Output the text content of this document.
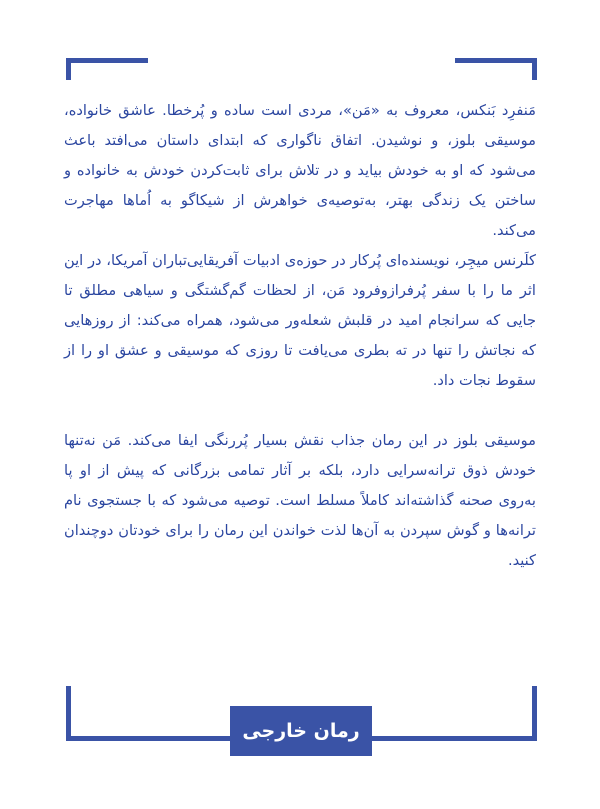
مَنفرِد بَنکس، معروف به «مَن»، مردی است ساده و پُرخطا. عاشق خانواده، موسیقی بلوز، و نوشیدن. اتفاق ناگواری که ابتدای داستان می‌افتد باعث می‌شود که او به خودش بیاید و در تلاش برای ثابت‌کردن خودش به خانواده و ساختن یک زندگی بهتر، به‌توصیه‌ی خواهرش از شیکاگو به اُماها مهاجرت می‌کند.

کلَرنس میجِر، نویسنده‌ای پُرکار در حوزه‌ی ادبیات آفریقایی‌تباران آمریکا، در این اثر ما را با سفر پُرفرازوفرود مَن، از لحظات گم‌گشتگی و سیاهی مطلق تا جایی که سرانجام امید در قلبش شعله‌ور می‌شود، همراه می‌کند: از روزهایی که نجاتش را تنها در ته بطری می‌یافت تا روزی که موسیقی و عشق او را از سقوط نجات داد.

موسیقی بلوز در این رمان جذاب نقش بسیار پُررنگی ایفا می‌کند. مَن نه‌تنها خودش ذوق ترانه‌سرایی دارد، بلکه بر آثار تمامی بزرگانی که پیش از او پا به‌روی صحنه گذاشته‌اند کاملاً مسلط است. توصیه می‌شود که با جستجوی نام ترانه‌ها و گوش سپردن به آن‌ها لذت خواندن این رمان را برای خودتان دوچندان کنید.

رمان خارجی
